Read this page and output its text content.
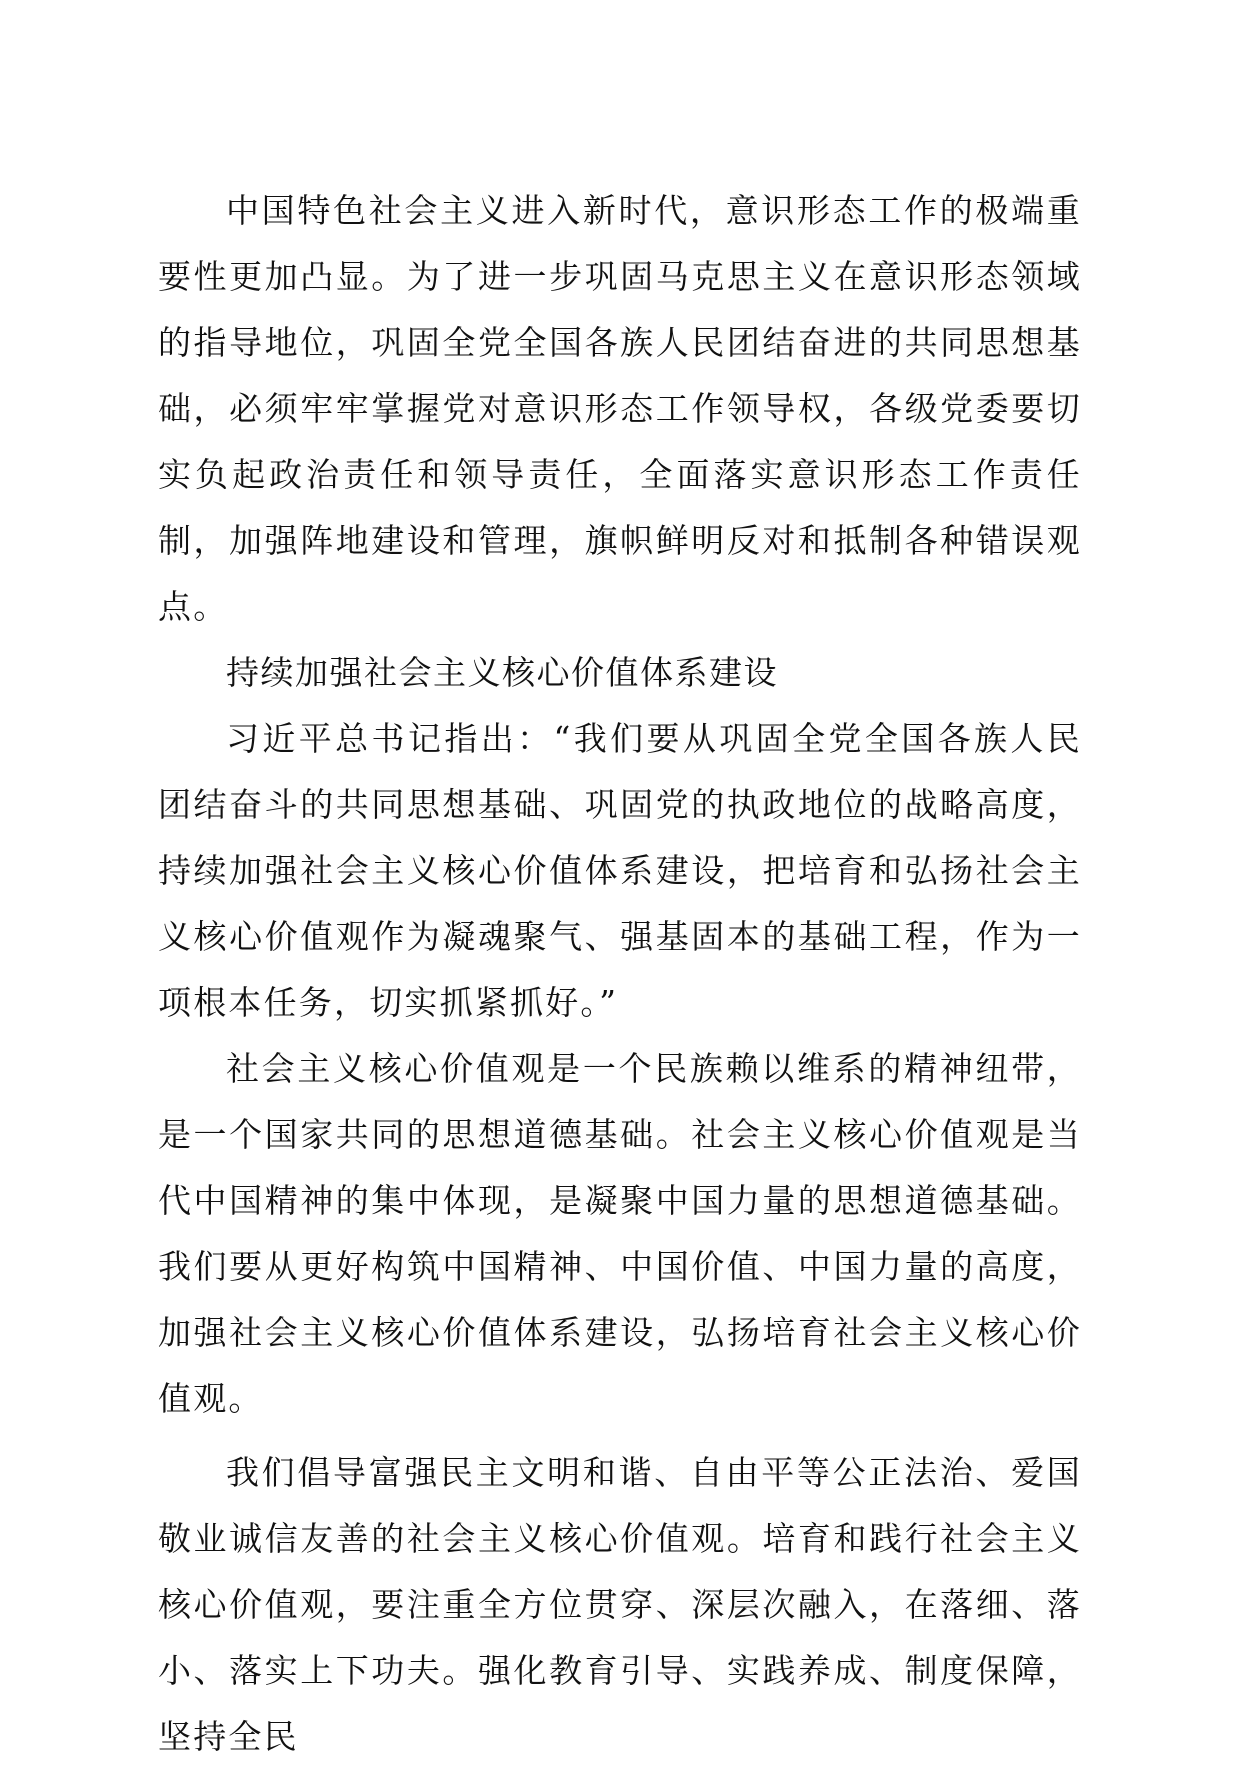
中国特色社会主义进入新时代，意识形态工作的极端重要性更加凸显。为了进一步巩固马克思主义在意识形态领域的指导地位，巩固全党全国各族人民团结奋进的共同思想基础，必须牢牢掌握党对意识形态工作领导权，各级党委要切实负起政治责任和领导责任，全面落实意识形态工作责任制，加强阵地建设和管理，旗帜鲜明反对和抵制各种错误观点。

持续加强社会主义核心价值体系建设

习近平总书记指出：“我们要从巩固全党全国各族人民团结奋斗的共同思想基础、巩固党的执政地位的战略高度，持续加强社会主义核心价值体系建设，把培育和弘扬社会主义核心价值观作为凝魂聚气、强基固本的基础工程，作为一项根本任务，切实抓紧抓好。”

社会主义核心价值观是一个民族赖以维系的精神纽带，是一个国家共同的思想道德基础。社会主义核心价值观是当代中国精神的集中体现，是凝聚中国力量的思想道德基础。我们要从更好构筑中国精神、中国价值、中国力量的高度，加强社会主义核心价值体系建设，弘扬培育社会主义核心价值观。

我们倡导富强民主文明和谐、自由平等公正法治、爱国敬业诚信友善的社会主义核心价值观。培育和践行社会主义核心价值观，要注重全方位贯穿、深层次融入，在落细、落小、落实上下功夫。强化教育引导、实践养成、制度保障，坚持全民
